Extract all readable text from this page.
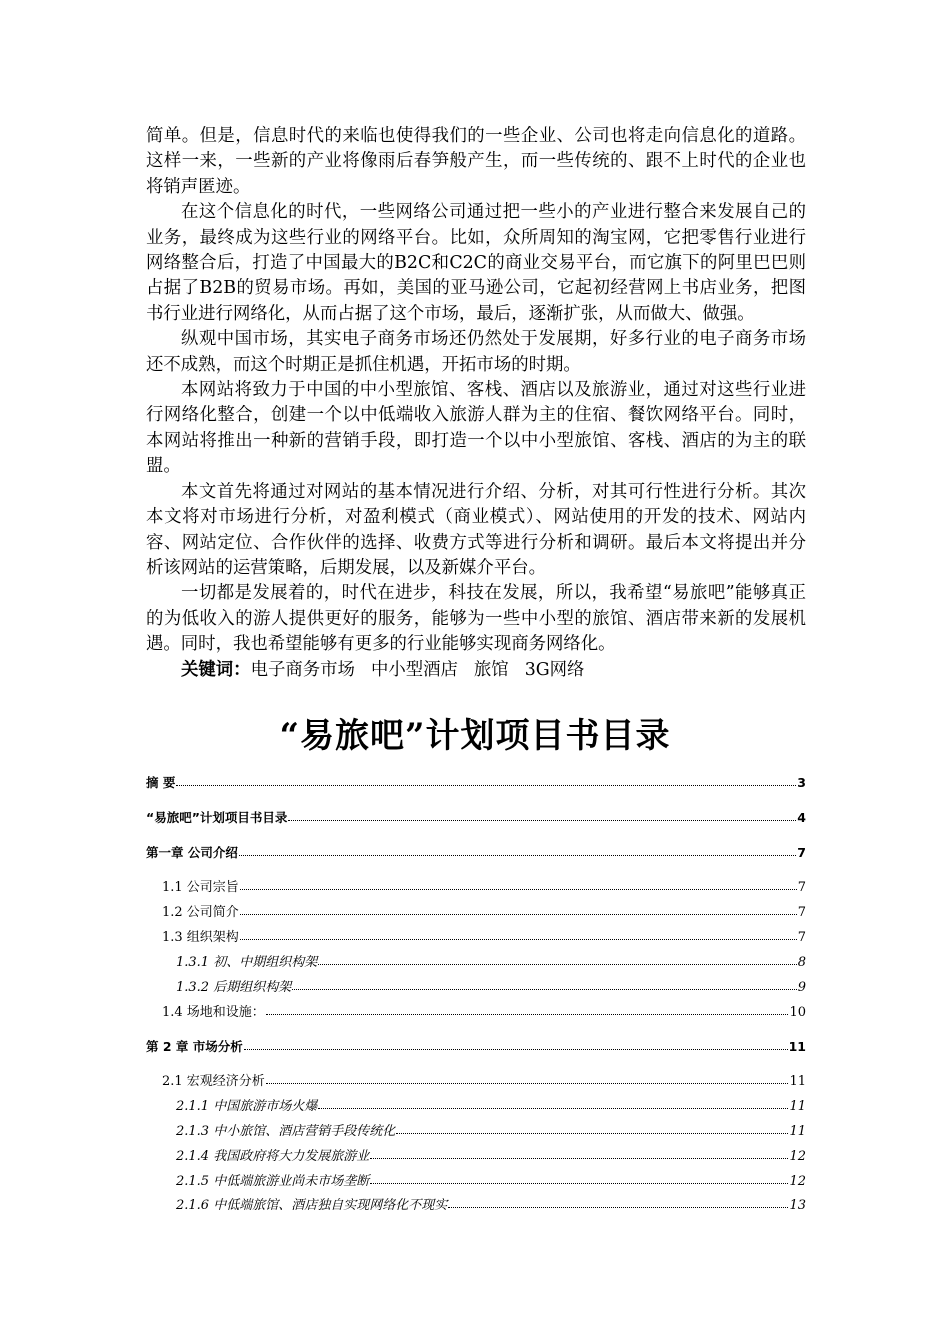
简单。但是，信息时代的来临也使得我们的一些企业、公司也将走向信息化的道路。这样一来，一些新的产业将像雨后春笋般产生，而一些传统的、跟不上时代的企业也将销声匿迹。

在这个信息化的时代，一些网络公司通过把一些小的产业进行整合来发展自己的业务，最终成为这些行业的网络平台。比如，众所周知的淘宝网，它把零售行业进行网络整合后，打造了中国最大的B2C和C2C的商业交易平台，而它旗下的阿里巴巴则占据了B2B的贸易市场。再如，美国的亚马逊公司，它起初经营网上书店业务，把图书行业进行网络化，从而占据了这个市场，最后，逐渐扩张，从而做大、做强。

纵观中国市场，其实电子商务市场还仍然处于发展期，好多行业的电子商务市场还不成熟，而这个时期正是抓住机遇，开拓市场的时期。

本网站将致力于中国的中小型旅馆、客栈、酒店以及旅游业，通过对这些行业进行网络化整合，创建一个以中低端收入旅游人群为主的住宿、餐饮网络平台。同时，本网站将推出一种新的营销手段，即打造一个以中小型旅馆、客栈、酒店的为主的联盟。

本文首先将通过对网站的基本情况进行介绍、分析，对其可行性进行分析。其次本文将对市场进行分析，对盈利模式（商业模式）、网站使用的开发的技术、网站内容、网站定位、合作伙伴的选择、收费方式等进行分析和调研。最后本文将提出并分析该网站的运营策略，后期发展，以及新媒介平台。

一切都是发展着的，时代在进步，科技在发展，所以，我希望“易旅吧”能够真正的为低收入的游人提供更好的服务，能够为一些中小型的旅馆、酒店带来新的发展机遇。同时，我也希望能够有更多的行业能够实现商务网络化。

关键词：电子商务市场 中小型酒店 旅馆 3G网络

“易旅吧”计划项目书目录
摘 要	3
“易旅吧”计划项目书目录	4
第一章 公司介绍	7
1.1 公司宗旨	7
1.2 公司简介	7
1.3 组织架构	7
1.3.1 初、中期组织构架	8
1.3.2 后期组织构架	9
1.4 场地和设施：	10
第 2 章 市场分析	11
2.1 宏观经济分析	11
2.1.1 中国旅游市场火爆	11
2.1.3 中小旅馆、酒店营销手段传统化	11
2.1.4 我国政府将大力发展旅游业	12
2.1.5 中低端旅游业尚未市场垄断	12
2.1.6 中低端旅馆、酒店独自实现网络化不现实	13
